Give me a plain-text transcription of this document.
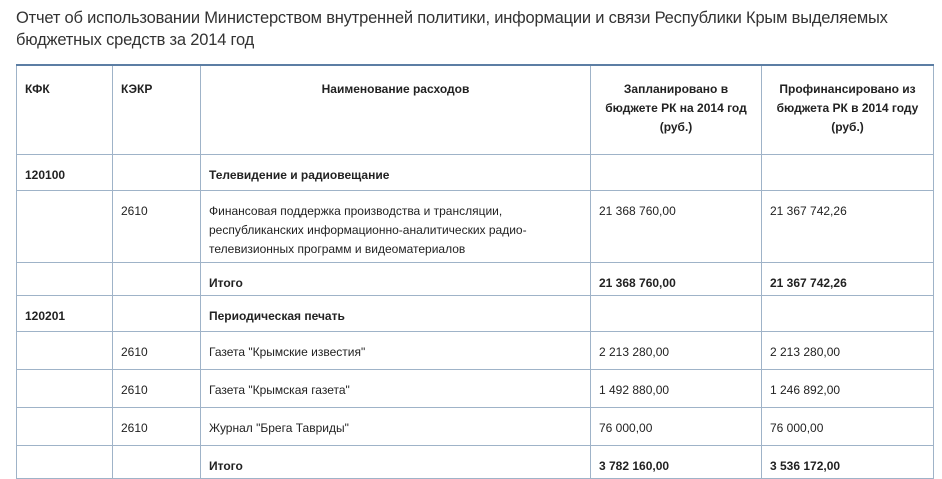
Отчет об использовании Министерством внутренней политики, информации и связи Республики Крым выделяемых бюджетных средств за 2014 год
КФК	КЭКР	Наименование расходов	Запланировано в бюджете РК на 2014 год (руб.)	Профинансировано из бюджета РК в 2014 году (руб.)
120100		Телевидение и радиовещание		
	2610	Финансовая поддержка производства и трансляции, республиканских информационно-аналитических радио-телевизионных программ и видеоматериалов	21 368 760,00	21 367 742,26
		Итого	21 368 760,00	21 367 742,26
120201		Периодическая печать		
	2610	Газета "Крымские известия"	2 213 280,00	2 213 280,00
	2610	Газета "Крымская газета"	1 492 880,00	1 246 892,00
	2610	Журнал "Брега Тавриды"	76 000,00	76 000,00
		Итого	3 782 160,00	3 536 172,00
